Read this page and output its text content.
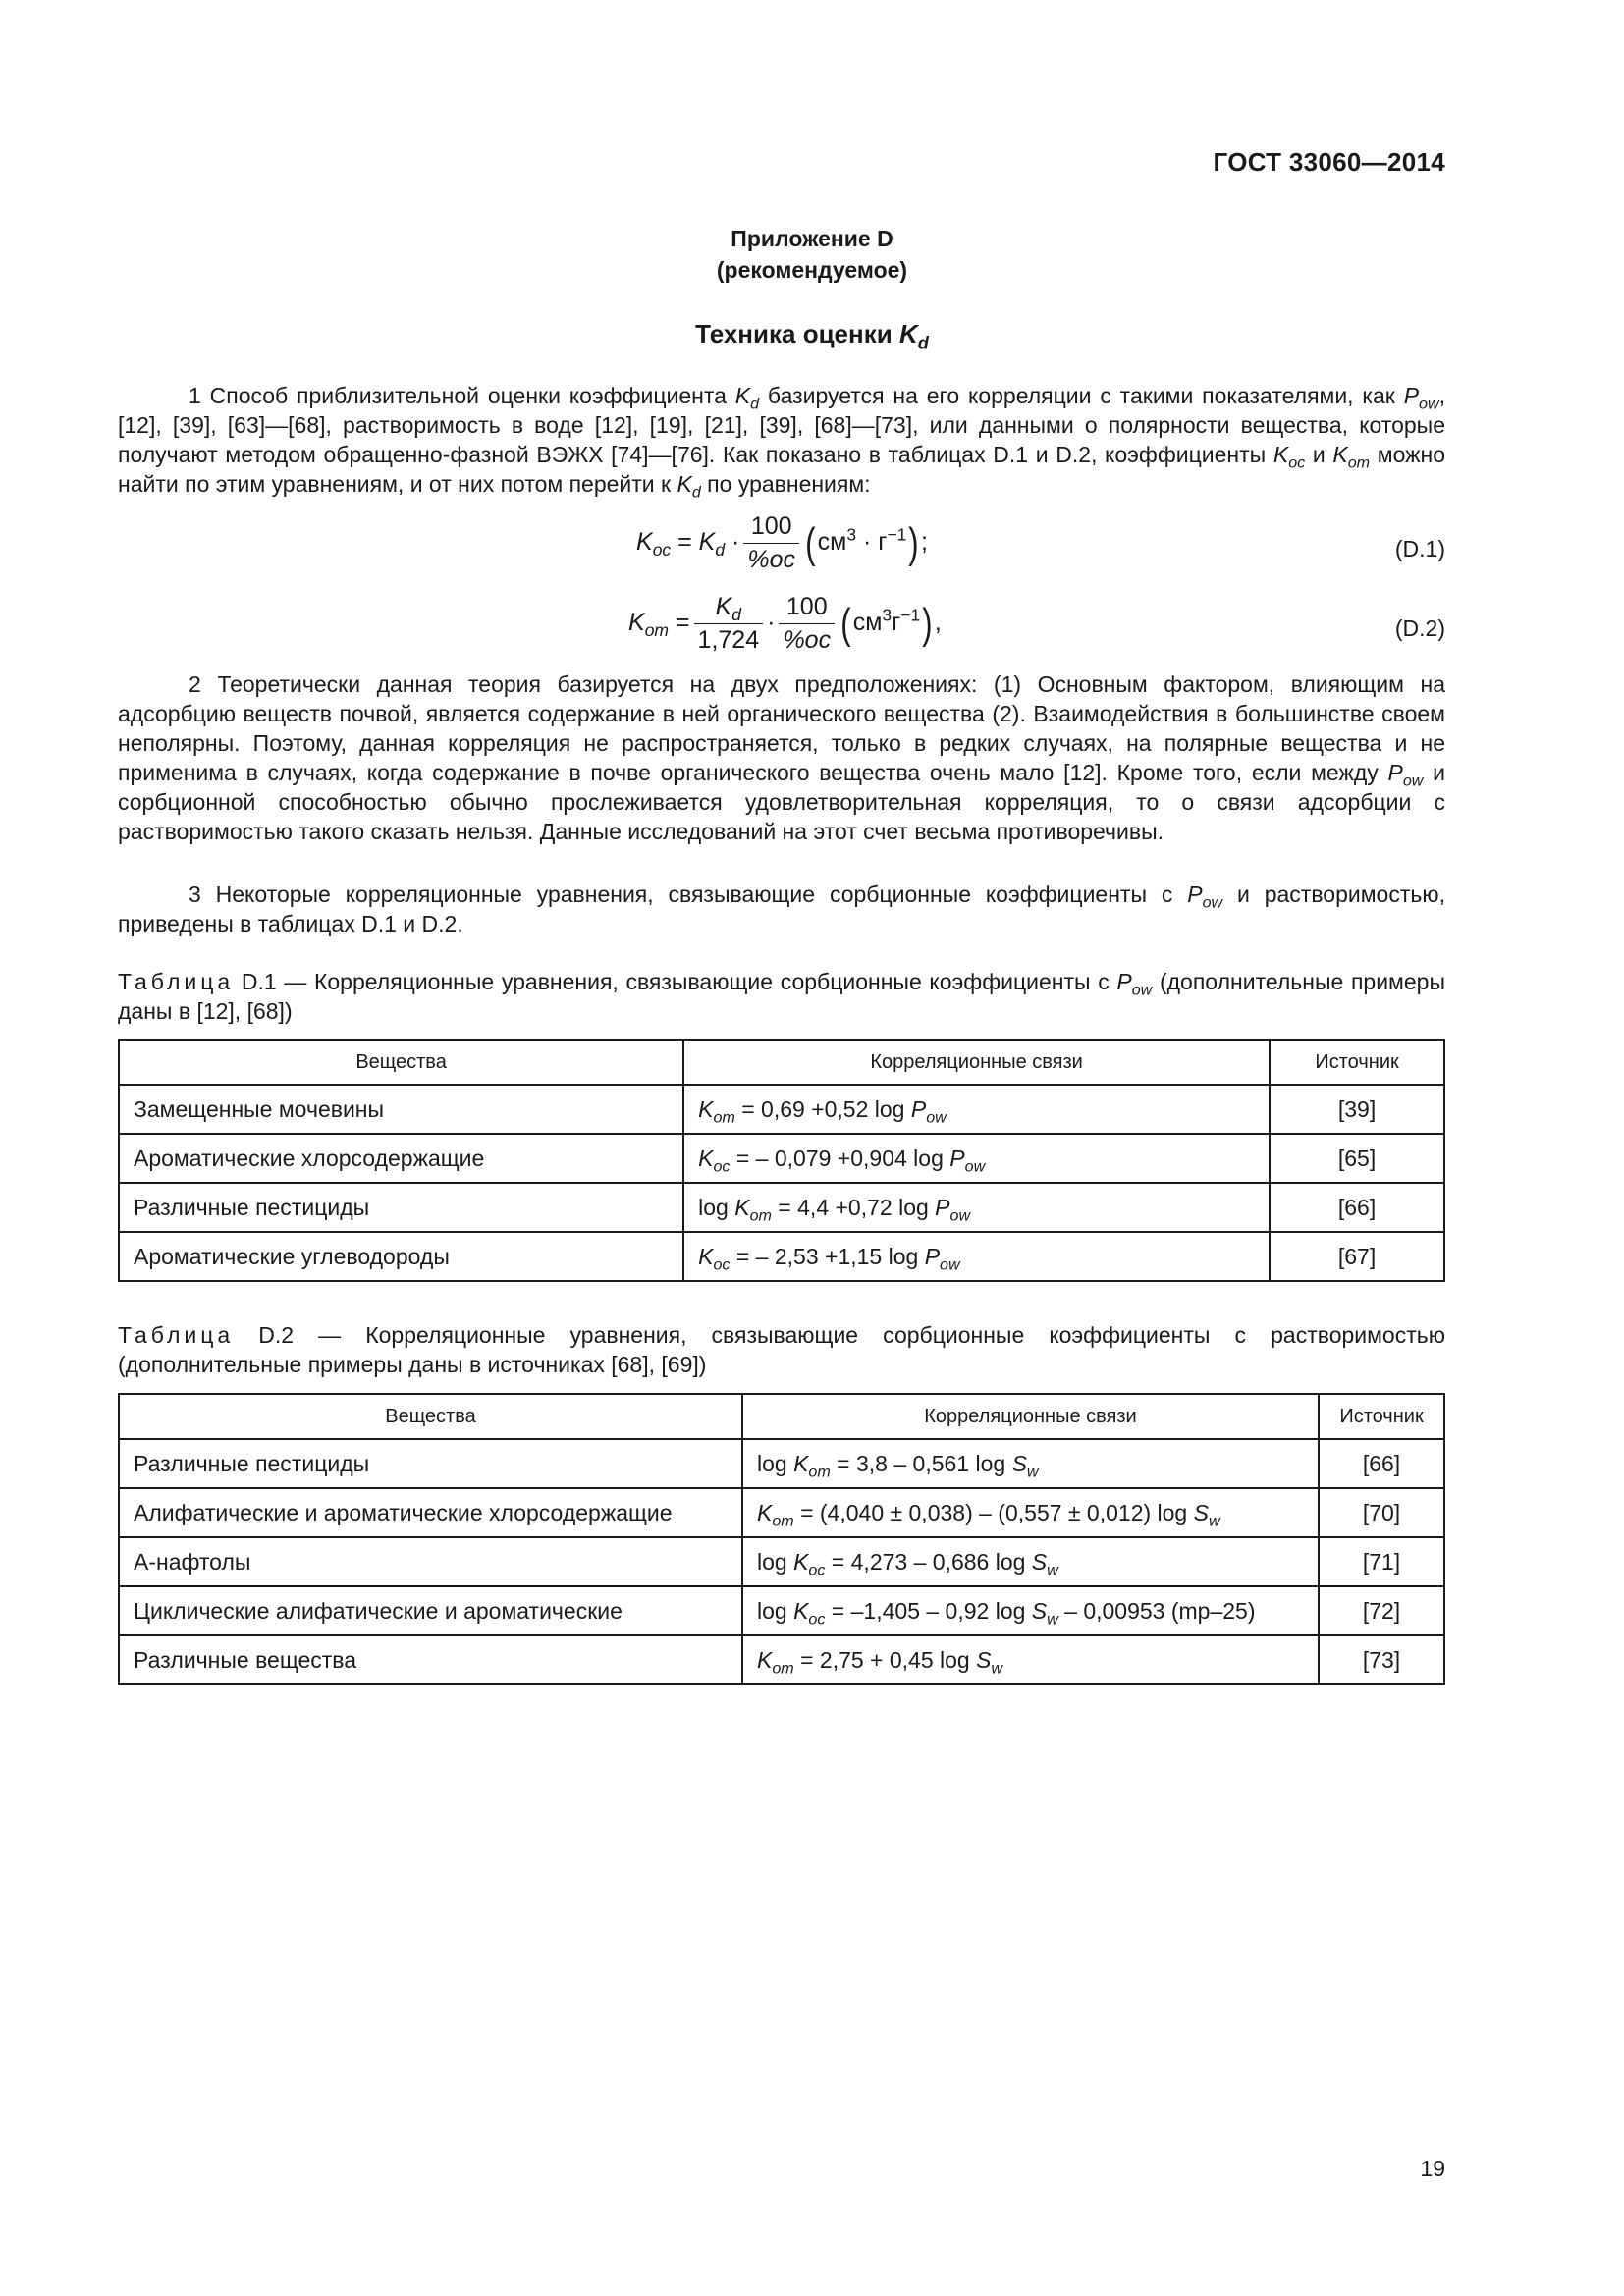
ГОСТ 33060—2014
Приложение D
(рекомендуемое)
Техника оценки $K_d$

1 Способ приблизительной оценки коэффициента $K_d$ базируется на его корреляции с такими показателями, как $P_{ow}$, [12], [39], [63]—[68], растворимость в воде [12], [19], [21], [39], [68]—[73], или данными о полярности вещества, которые получают методом обращенно-фазной ВЭЖХ [74]—[76]. Как показано в таблицах D.1 и D.2, коэффициенты $K_{oc}$ и $K_{om}$ можно найти по этим уравнениям, и от них потом перейти к $K_d$ по уравнениям:

$K_{oc} = K_d \cdot \frac{100}{\%oc} (см^3 \cdot г^{-1})$;	(D.1)
$K_{om} = \frac{K_d}{1,724} \cdot \frac{100}{\%oc} (см^3г^{-1})$,	(D.2)

2 Теоретически данная теория базируется на двух предположениях: (1) Основным фактором, влияющим на адсорбцию веществ почвой, является содержание в ней органического вещества (2). Взаимодействия в большинстве своем неполярны. Поэтому, данная корреляция не распространяется, только в редких случаях, на полярные вещества и не применима в случаях, когда содержание в почве органического вещества очень мало [12]. Кроме того, если между $P_{ow}$ и сорбционной способностью обычно прослеживается удовлетворительная корреляция, то о связи адсорбции с растворимостью такого сказать нельзя. Данные исследований на этот счет весьма противоречивы.

3 Некоторые корреляционные уравнения, связывающие сорбционные коэффициенты с $P_{ow}$ и растворимостью, приведены в таблицах D.1 и D.2.

Таблица D.1 — Корреляционные уравнения, связывающие сорбционные коэффициенты с $P_{ow}$ (дополнительные примеры даны в [12], [68])
Вещества	Корреляционные связи	Источник
Замещенные мочевины	$K_{om} = 0,69 +0,52$ $\log P_{ow}$	[39]
Ароматические хлорсодержащие	$K_{oc}$ = – 0,079 +0,904 $\log P_{ow}$	[65]
Различные пестициды	$\log K_{om} = 4,4 +0,72$ $\log P_{ow}$	[66]
Ароматические углеводороды	$K_{oc}$ = – 2,53 +1,15 $\log P_{ow}$	[67]
Таблица D.2 — Корреляционные уравнения, связывающие сорбционные коэффициенты с растворимостью (дополнительные примеры даны в источниках [68], [69])
Вещества	Корреляционные связи	Источник
Различные пестициды	$\log K_{om} = 3,8 - 0,561$ $\log S_w$	[66]
Алифатические и ароматические хлорсодержащие	$K_{om} = (4,040 \pm 0,038) - (0,557 \pm 0,012)$ $\log S_w$	[70]
А-нафтолы	$\log K_{oc} = 4,273 - 0,686$ $\log S_w$	[71]
Циклические алифатические и ароматические	$\log K_{oc} = -1,405 - 0,92$ $\log S_w - 0,00953$ (mp–25)	[72]
Различные вещества	$K_{om} = 2,75 + 0,45$ $\log S_w$	[73]
19
